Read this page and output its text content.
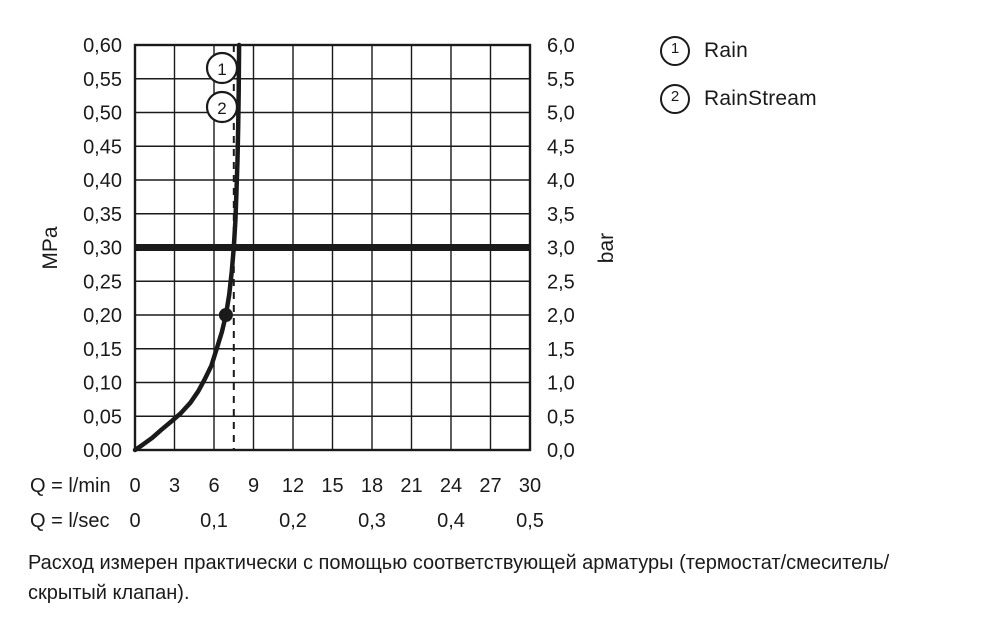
1
2
0,00
0,05
0,10
0,15
0,20
0,25
0,30
0,35
0,40
0,45
0,50
0,55
0,60
0,0
0,5
1,0
1,5
2,0
2,5
3,0
3,5
4,0
4,5
5,0
5,5
6,0
MPa	bar
Q = l/min 0 3 6 9 12 15 18 21 24 27 30
Q = l/sec 0	0,1	0,2	0,3	0,4	0,5
1	Rain
2	RainStream
Расход измерен практически с помощью соответствующей арматуры (термостат/смеситель/скрытый клапан).
